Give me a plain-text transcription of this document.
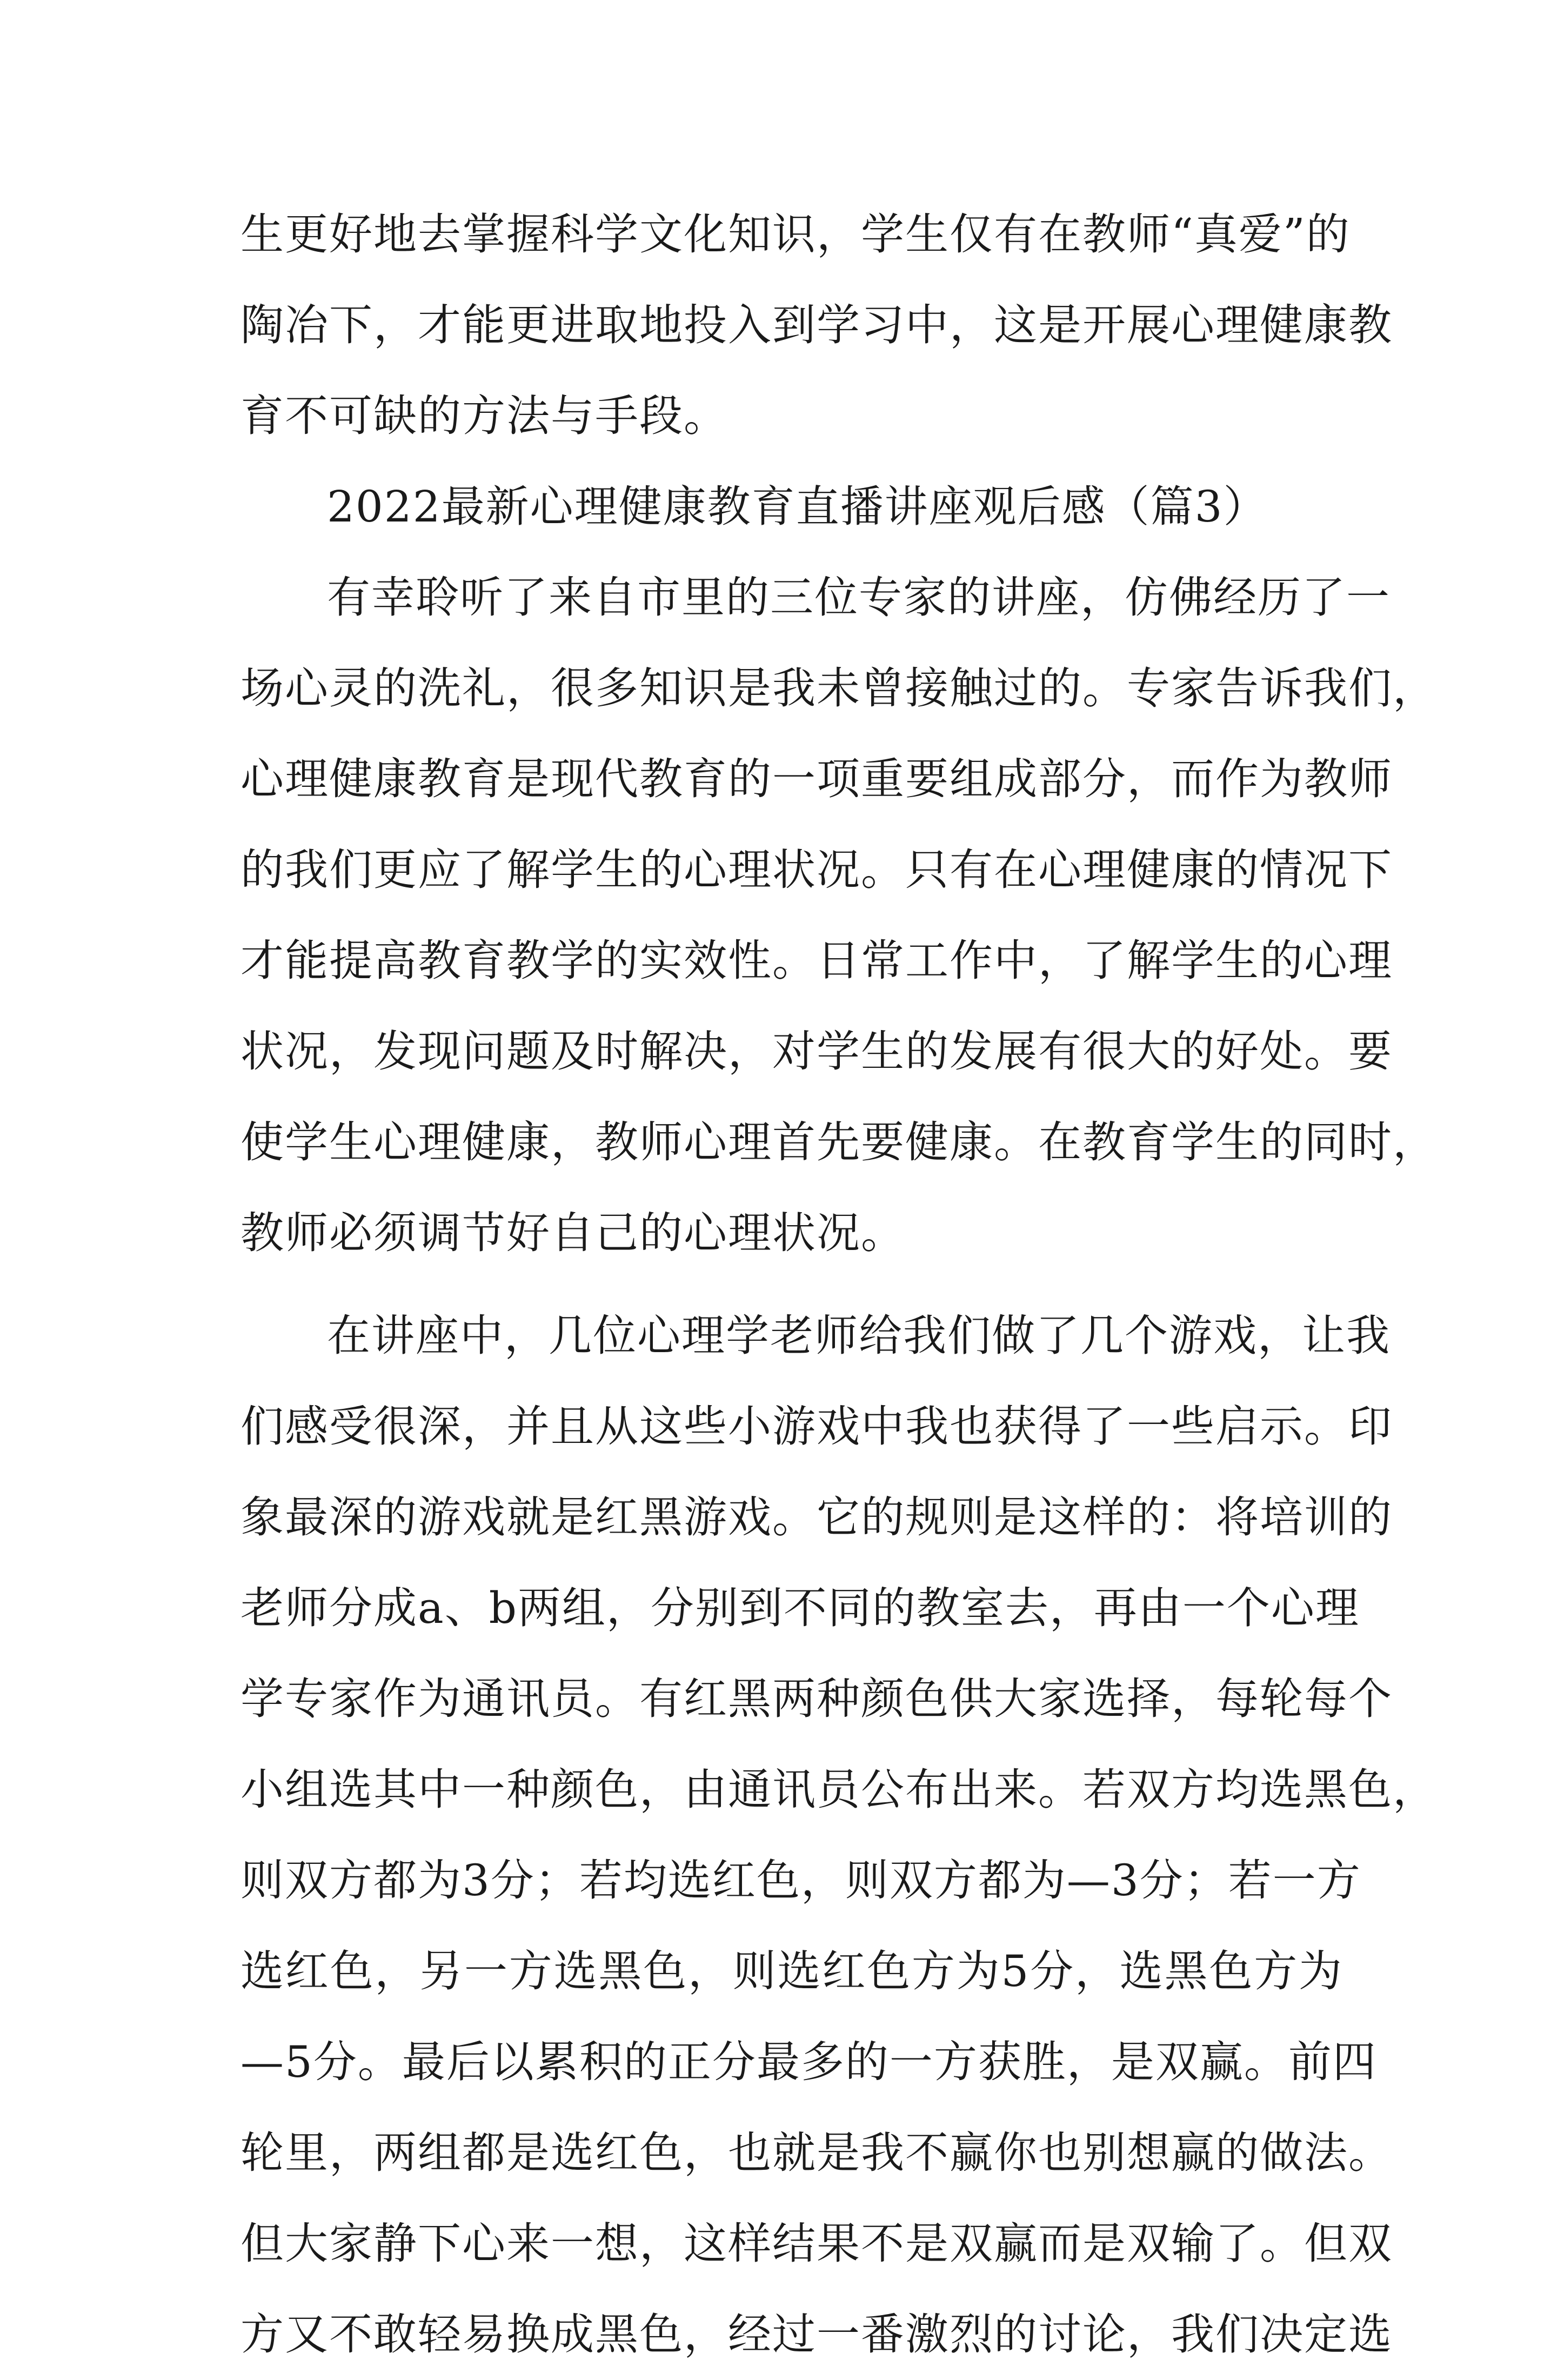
生更好地去掌握科学文化知识，学生仅有在教师“真爱”的
陶冶下，才能更进取地投入到学习中，这是开展心理健康教
育不可缺的方法与手段。
2022最新心理健康教育直播讲座观后感（篇3）
有幸聆听了来自市里的三位专家的讲座，仿佛经历了一
场心灵的洗礼，很多知识是我未曾接触过的。专家告诉我们，
心理健康教育是现代教育的一项重要组成部分，而作为教师
的我们更应了解学生的心理状况。只有在心理健康的情况下
才能提高教育教学的实效性。日常工作中，了解学生的心理
状况，发现问题及时解决，对学生的发展有很大的好处。要
使学生心理健康，教师心理首先要健康。在教育学生的同时，
教师必须调节好自己的心理状况。
在讲座中，几位心理学老师给我们做了几个游戏，让我
们感受很深，并且从这些小游戏中我也获得了一些启示。印
象最深的游戏就是红黑游戏。它的规则是这样的：将培训的
老师分成a、b两组，分别到不同的教室去，再由一个心理
学专家作为通讯员。有红黑两种颜色供大家选择，每轮每个
小组选其中一种颜色，由通讯员公布出来。若双方均选黑色，
则双方都为3分；若均选红色，则双方都为—3分；若一方
选红色，另一方选黑色，则选红色方为5分，选黑色方为
—5分。最后以累积的正分最多的一方获胜，是双赢。前四
轮里，两组都是选红色，也就是我不赢你也别想赢的做法。
但大家静下心来一想，这样结果不是双赢而是双输了。但双
方又不敢轻易换成黑色，经过一番激烈的讨论，我们决定选
